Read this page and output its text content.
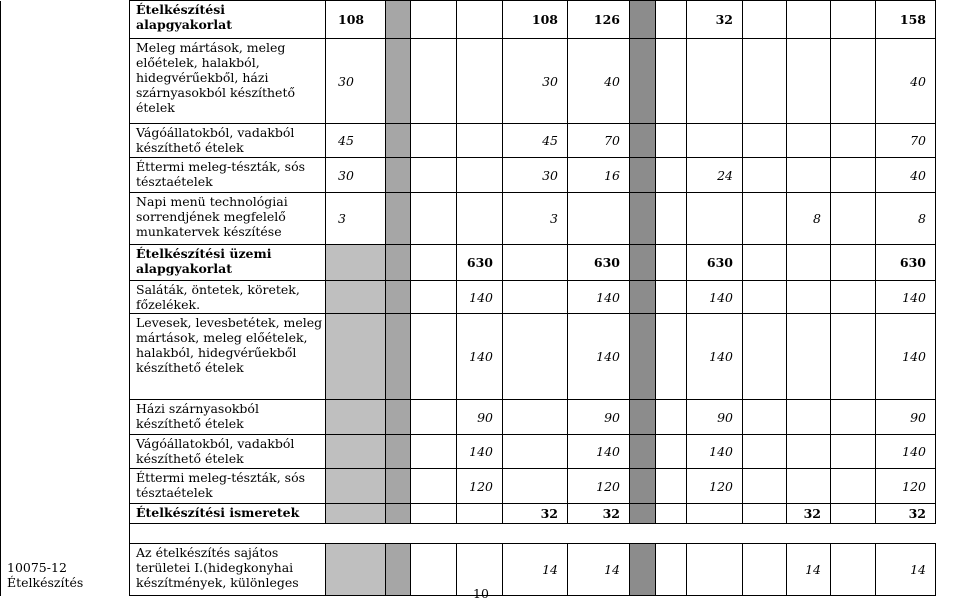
10075-12
Ételkészítés	Ételkészítési alapgyakorlat	108				108	126			32				158
	Meleg mártások, meleg előételek, halakból, hidegvérűekből, házi szárnyasokból készíthető ételek	30				30	40							40
	Vágóállatokból, vadakból készíthető ételek	45				45	70							70
	Éttermi meleg-tészták, sós tésztaételek	30				30	16			24				40
	Napi menü technológiai sorrendjének megfelelő munkatervek készítése	3				3						8		8
	Ételkészítési üzemi alapgyakorlat				630		630			630				630
	Saláták, öntetek, köretek, főzelékek.				140		140			140				140
	Levesek, levesbetétek, meleg mártások, meleg előételek, halakból, hidegvérűekből készíthető ételek				140		140			140				140
	Házi szárnyasokból készíthető ételek				90		90			90				90
	Vágóállatokból, vadakból készíthető ételek				140		140			140				140
	Éttermi meleg-tészták, sós tésztaételek				120		120			120				120
	Ételkészítési ismeretek					32	32					32		32

	Az ételkészítés sajátos területei I.(hidegkonyhai készítmények, különleges					14	14					14		14
10
